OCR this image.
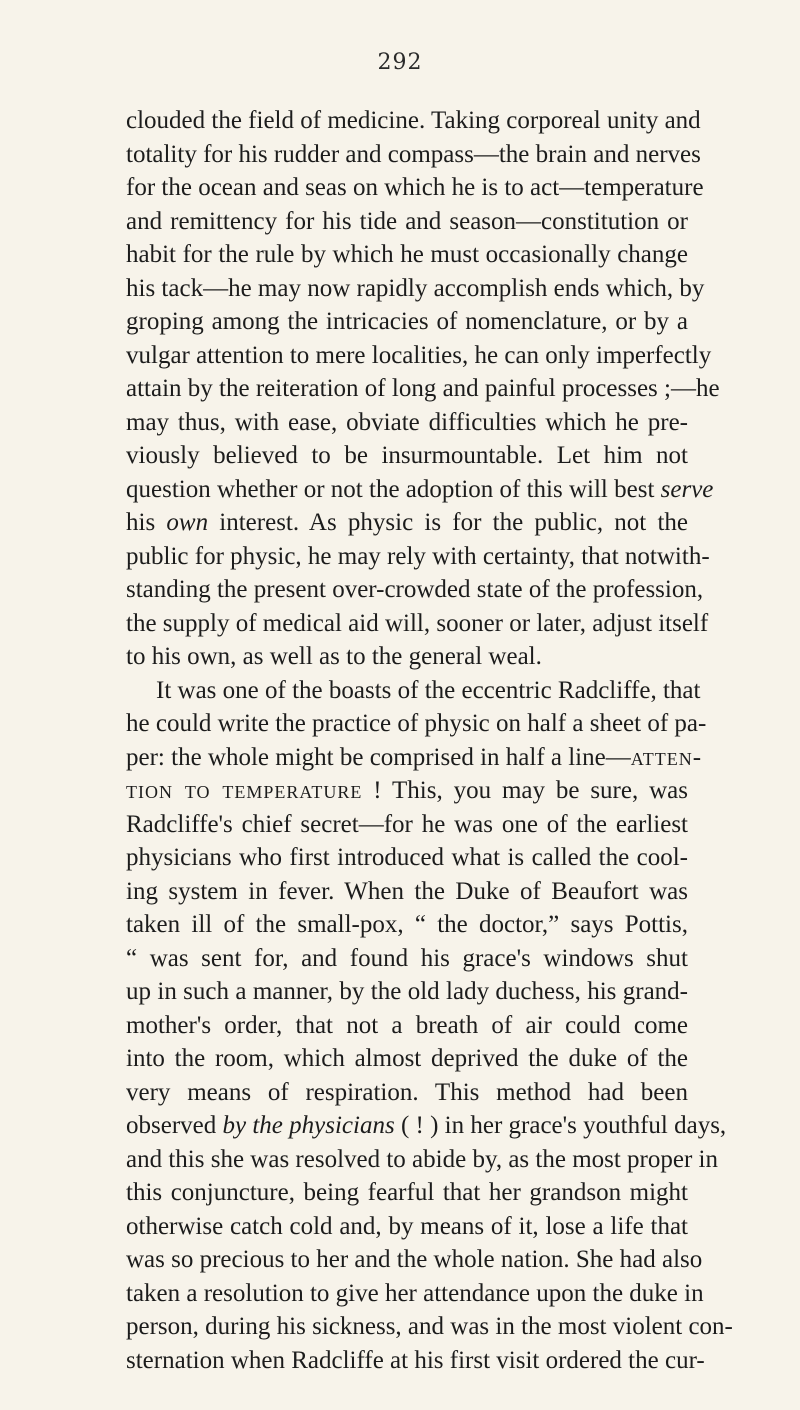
292
clouded the field of medicine. Taking corporeal unity and
totality for his rudder and compass—the brain and nerves
for the ocean and seas on which he is to act—temperature
and remittency for his tide and season—constitution or
habit for the rule by which he must occasionally change
his tack—he may now rapidly accomplish ends which, by
groping among the intricacies of nomenclature, or by a
vulgar attention to mere localities, he can only imperfectly
attain by the reiteration of long and painful processes ;—he
may thus, with ease, obviate difficulties which he pre-
viously believed to be insurmountable. Let him not
question whether or not the adoption of this will best serve
his own interest. As physic is for the public, not the
public for physic, he may rely with certainty, that notwith-
standing the present over-crowded state of the profession,
the supply of medical aid will, sooner or later, adjust itself
to his own, as well as to the general weal.
It was one of the boasts of the eccentric Radcliffe, that
he could write the practice of physic on half a sheet of pa-
per: the whole might be comprised in half a line—atten-
tion to temperature ! This, you may be sure, was
Radcliffe's chief secret—for he was one of the earliest
physicians who first introduced what is called the cool-
ing system in fever. When the Duke of Beaufort was
taken ill of the small-pox, “ the doctor,” says Pottis,
“ was sent for, and found his grace's windows shut
up in such a manner, by the old lady duchess, his grand-
mother's order, that not a breath of air could come
into the room, which almost deprived the duke of the
very means of respiration. This method had been
observed by the physicians ( ! ) in her grace's youthful days,
and this she was resolved to abide by, as the most proper in
this conjuncture, being fearful that her grandson might
otherwise catch cold and, by means of it, lose a life that
was so precious to her and the whole nation. She had also
taken a resolution to give her attendance upon the duke in
person, during his sickness, and was in the most violent con-
sternation when Radcliffe at his first visit ordered the cur-
